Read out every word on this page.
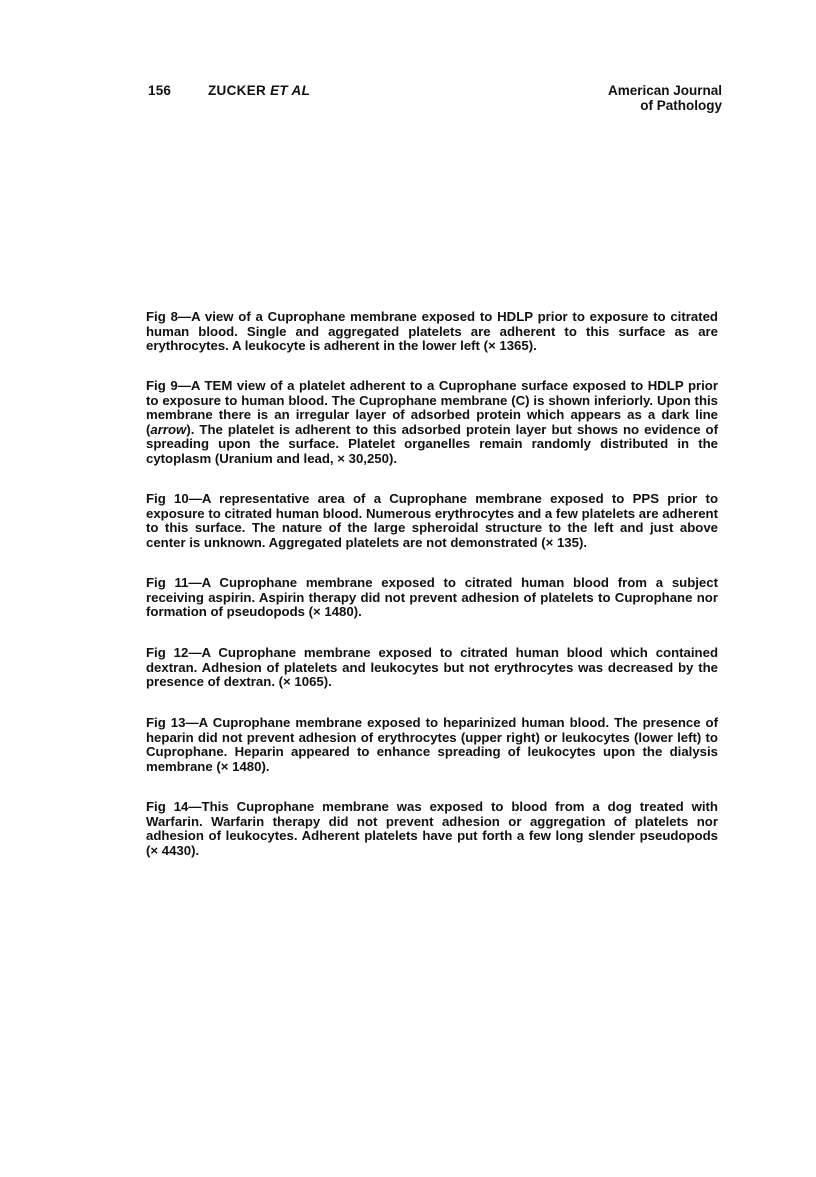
156	ZUCKER ET AL	American Journal
of Pathology

Fig 8—A view of a Cuprophane membrane exposed to HDLP prior to exposure to citrated human blood. Single and aggregated platelets are adherent to this surface as are erythrocytes. A leukocyte is adherent in the lower left (× 1365).

Fig 9—A TEM view of a platelet adherent to a Cuprophane surface exposed to HDLP prior to exposure to human blood. The Cuprophane membrane (C) is shown inferiorly. Upon this membrane there is an irregular layer of adsorbed protein which appears as a dark line (arrow). The platelet is adherent to this adsorbed protein layer but shows no evidence of spreading upon the surface. Platelet organelles remain randomly distributed in the cytoplasm (Uranium and lead, × 30,250).

Fig 10—A representative area of a Cuprophane membrane exposed to PPS prior to exposure to citrated human blood. Numerous erythrocytes and a few platelets are adherent to this surface. The nature of the large spheroidal structure to the left and just above center is unknown. Aggregated platelets are not demonstrated (× 135).

Fig 11—A Cuprophane membrane exposed to citrated human blood from a subject receiving aspirin. Aspirin therapy did not prevent adhesion of platelets to Cuprophane nor formation of pseudopods (× 1480).

Fig 12—A Cuprophane membrane exposed to citrated human blood which contained dextran. Adhesion of platelets and leukocytes but not erythrocytes was decreased by the presence of dextran. (× 1065).

Fig 13—A Cuprophane membrane exposed to heparinized human blood. The presence of heparin did not prevent adhesion of erythrocytes (upper right) or leukocytes (lower left) to Cuprophane. Heparin appeared to enhance spreading of leukocytes upon the dialysis membrane (× 1480).

Fig 14—This Cuprophane membrane was exposed to blood from a dog treated with Warfarin. Warfarin therapy did not prevent adhesion or aggregation of platelets nor adhesion of leukocytes. Adherent platelets have put forth a few long slender pseudopods (× 4430).
